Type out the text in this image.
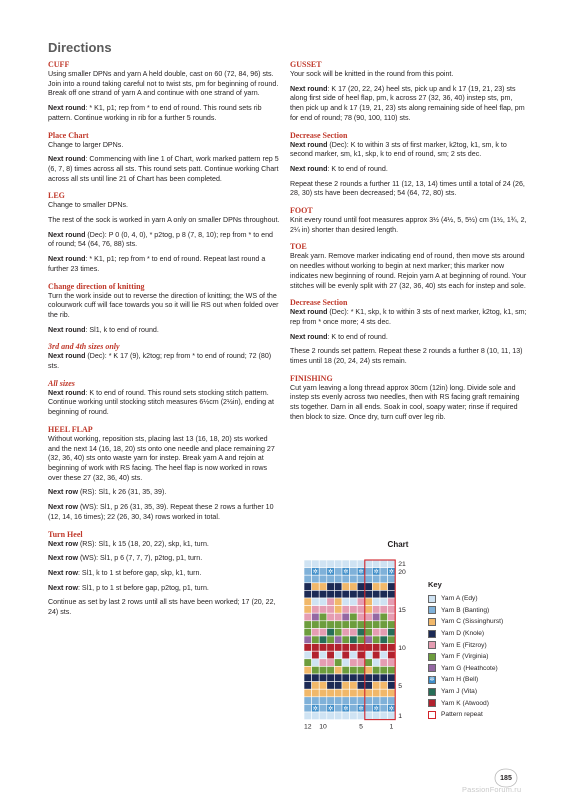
Directions
CUFF

Using smaller DPNs and yarn A held double, cast on 60 (72, 84, 96) sts. Join into a round taking careful not to twist sts, pm for beginning of round. Break off one strand of yarn A and continue with one strand of yarn.

Next round: * K1, p1; rep from * to end of round. This round sets rib pattern. Continue working in rib for a further 5 rounds.

Place Chart

Change to larger DPNs.

Next round: Commencing with line 1 of Chart, work marked pattern rep 5 (6, 7, 8) times across all sts. This round sets patt. Continue working Chart across all sts until line 21 of Chart has been completed.

LEG

Change to smaller DPNs.

The rest of the sock is worked in yarn A only on smaller DPNs throughout.

Next round (Dec): P 0 (0, 4, 0), * p2tog, p 8 (7, 8, 10); rep from * to end of round; 54 (64, 76, 88) sts.

Next round: * K1, p1; rep from * to end of round. Repeat last round a further 23 times.

Change direction of knitting

Turn the work inside out to reverse the direction of knitting; the WS of the colourwork cuff will face towards you so it will lie RS out when folded over the rib.

Next round: Sl1, k to end of round.

3rd and 4th sizes only

Next round (Dec): * K 17 (9), k2tog; rep from * to end of round; 72 (80) sts.

All sizes

Next round: K to end of round. This round sets stocking stitch pattern. Continue working until stocking stitch measures 6½cm (2½in), ending at beginning of round.

HEEL FLAP

Without working, reposition sts, placing last 13 (16, 18, 20) sts worked and the next 14 (16, 18, 20) sts onto one needle and place remaining 27 (32, 36, 40) sts onto waste yarn for instep. Break yarn A and rejoin at beginning of work with RS facing. The heel flap is now worked in rows over these 27 (32, 36, 40) sts.

Next row (RS): Sl1, k 26 (31, 35, 39).

Next row (WS): Sl1, p 26 (31, 35, 39). Repeat these 2 rows a further 10 (12, 14, 16 times); 22 (26, 30, 34) rows worked in total.

Turn Heel

Next row (RS): Sl1, k 15 (18, 20, 22), skp, k1, turn.

Next row (WS): Sl1, p 6 (7, 7, 7), p2tog, p1, turn.

Next row: Sl1, k to 1 st before gap, skp, k1, turn.

Next row: Sl1, p to 1 st before gap, p2tog, p1, turn.

Continue as set by last 2 rows until all sts have been worked; 17 (20, 22, 24) sts.

GUSSET

Your sock will be knitted in the round from this point.

Next round: K 17 (20, 22, 24) heel sts, pick up and k 17 (19, 21, 23) sts along first side of heel flap, pm, k across 27 (32, 36, 40) instep sts, pm, then pick up and k 17 (19, 21, 23) sts along remaining side of heel flap, pm for end of round; 78 (90, 100, 110) sts.

Decrease Section

Next round (Dec): K to within 3 sts of first marker, k2tog, k1, sm, k to second marker, sm, k1, skp, k to end of round, sm; 2 sts dec.

Next round: K to end of round.

Repeat these 2 rounds a further 11 (12, 13, 14) times until a total of 24 (26, 28, 30) sts have been decreased; 54 (64, 72, 80) sts.

FOOT

Knit every round until foot measures approx 3½ (4½, 5, 5½) cm (1½, 1¾, 2, 2¼ in) shorter than desired length.

TOE

Break yarn. Remove marker indicating end of round, then move sts around on needles without working to begin at next marker; this marker now indicates new beginning of round. Rejoin yarn A at beginning of round. Your stitches will be evenly split with 27 (32, 36, 40) sts each for instep and sole.

Decrease Section

Next round (Dec): * K1, skp, k to within 3 sts of next marker, k2tog, k1, sm; rep from * once more; 4 sts dec.

Next round: K to end of round.

These 2 rounds set pattern. Repeat these 2 rounds a further 8 (10, 11, 13) times until 18 (20, 24, 24) sts remain.

FINISHING

Cut yarn leaving a long thread approx 30cm (12in) long. Divide sole and instep sts evenly across two needles, then with RS facing graft remaining sts together. Darn in all ends. Soak in cool, soapy water; rinse if required then block to size. Once dry, turn cuff over leg rib.

Chart
✲ ✲ ✲ ✲ ✲ ✲
✲ ✲ ✲ ✲ ✲ ✲
21
20
15
10
5
1
12 10	5	1
Key
Yarn A (Edy)
Yarn B (Banting)
Yarn C (Sissinghurst)
Yarn D (Knole)
Yarn E (Fitzroy)
Yarn F (Virginia)
Yarn G (Heathcote)
✲ Yarn H (Bell)
Yarn J (Vita)
Yarn K (Atwood)
Pattern repeat
185
PassionForum.ru
